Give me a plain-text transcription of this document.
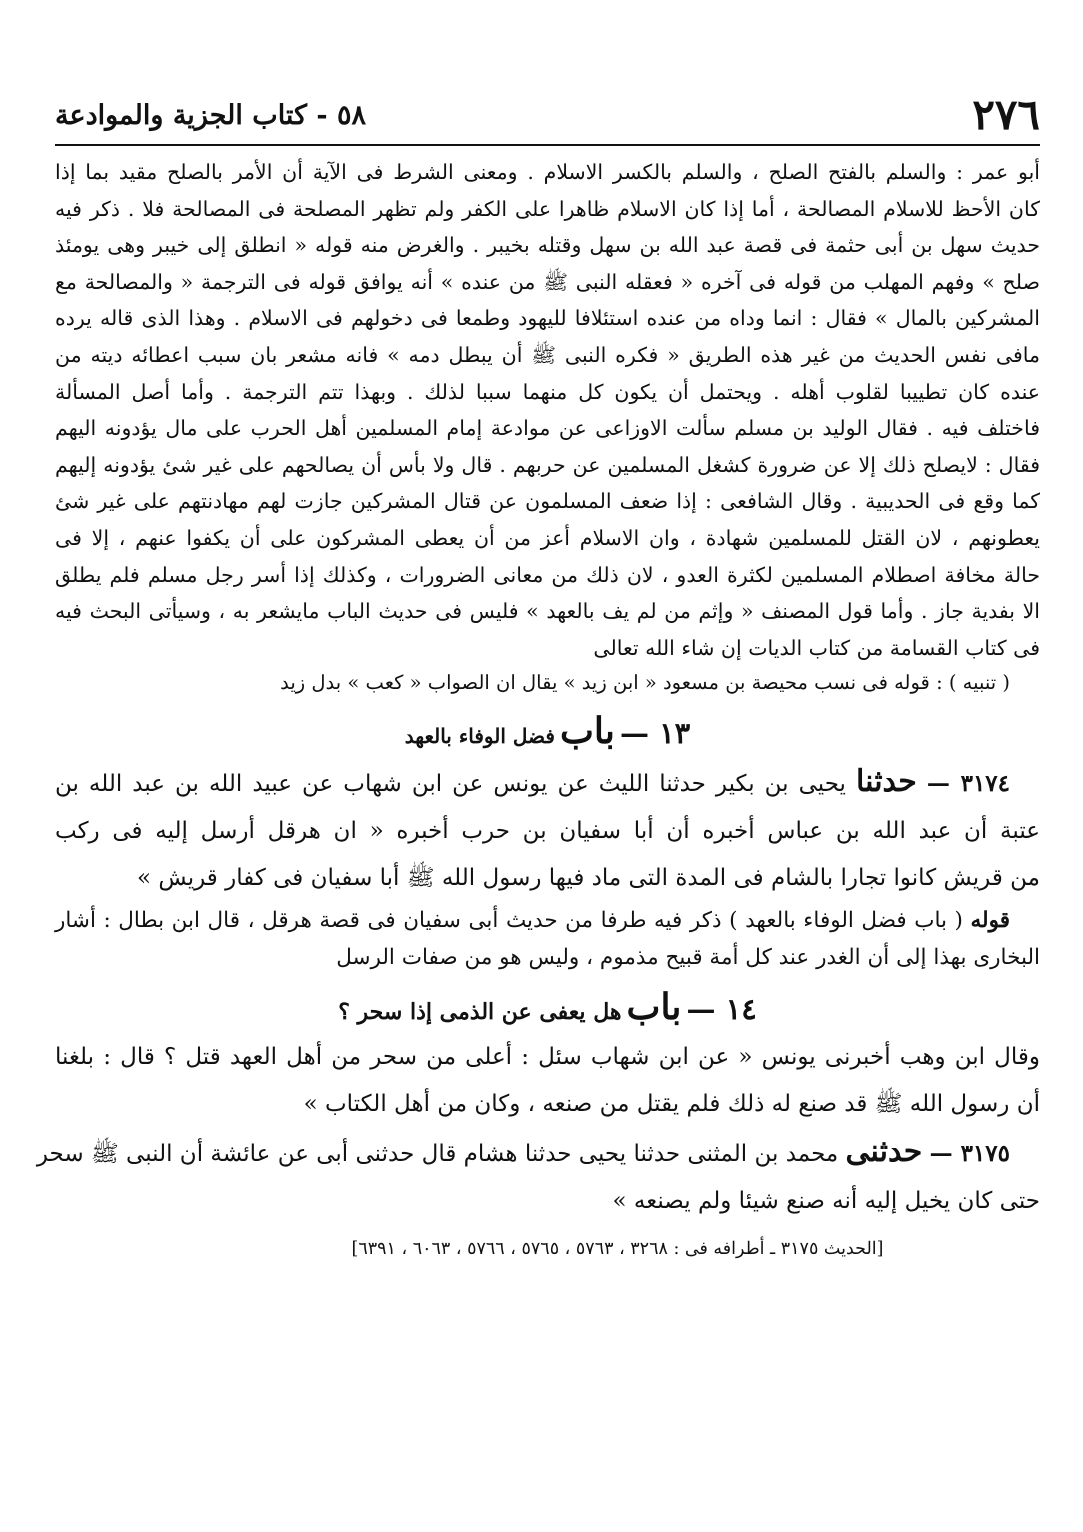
٢٧٦
٥٨ - كتاب الجزية والموادعة
أبو عمر : والسلم بالفتح الصلح ، والسلم بالكسر الاسلام . ومعنى الشرط فى الآية أن الأمر بالصلح مقيد بما إذا
كان الأحظ للاسلام المصالحة ، أما إذا كان الاسلام ظاهرا على الكفر ولم تظهر المصلحة فى المصالحة فلا . ذكر فيه
حديث سهل بن أبى حثمة فى قصة عبد الله بن سهل وقتله بخيبر . والغرض منه قوله « انطلق إلى خيبر وهى يومئذ
صلح » وفهم المهلب من قوله فى آخره « فعقله النبى ﷺ من عنده » أنه يوافق قوله فى الترجمة « والمصالحة مع
المشركين بالمال » فقال : انما وداه من عنده استئلافا لليهود وطمعا فى دخولهم فى الاسلام . وهذا الذى قاله يرده
مافى نفس الحديث من غير هذه الطريق « فكره النبى ﷺ أن يبطل دمه » فانه مشعر بان سبب اعطائه ديته من
عنده كان تطييبا لقلوب أهله . ويحتمل أن يكون كل منهما سببا لذلك . وبهذا تتم الترجمة . وأما أصل المسألة
فاختلف فيه . فقال الوليد بن مسلم سألت الاوزاعى عن موادعة إمام المسلمين أهل الحرب على مال يؤدونه اليهم
فقال : لايصلح ذلك إلا عن ضرورة كشغل المسلمين عن حربهم . قال ولا بأس أن يصالحهم على غير شئ يؤدونه إليهم
كما وقع فى الحديبية . وقال الشافعى : إذا ضعف المسلمون عن قتال المشركين جازت لهم مهادنتهم على غير شئ
يعطونهم ، لان القتل للمسلمين شهادة ، وان الاسلام أعز من أن يعطى المشركون على أن يكفوا عنهم ، إلا فى
حالة مخافة اصطلام المسلمين لكثرة العدو ، لان ذلك من معانى الضرورات ، وكذلك إذا أسر رجل مسلم فلم يطلق
الا بفدية جاز . وأما قول المصنف « وإثم من لم يف بالعهد » فليس فى حديث الباب مايشعر به ، وسيأتى البحث فيه
فى كتاب القسامة من كتاب الديات إن شاء الله تعالى
( تنبيه ) : قوله فى نسب محيصة بن مسعود « ابن زيد » يقال ان الصواب « كعب » بدل زيد
١٣ — باب فضل الوفاء بالعهد
٣١٧٤ — حدثنا يحيى بن بكير حدثنا الليث عن يونس عن ابن شهاب عن عبيد الله بن عبد الله بن
عتبة أن عبد الله بن عباس أخبره أن أبا سفيان بن حرب أخبره « ان هرقل أرسل إليه فى ركب
من قريش كانوا تجارا بالشام فى المدة التى ماد فيها رسول الله ﷺ أبا سفيان فى كفار قريش »
قوله ( باب فضل الوفاء بالعهد ) ذكر فيه طرفا من حديث أبى سفيان فى قصة هرقل ، قال ابن بطال : أشار
البخارى بهذا إلى أن الغدر عند كل أمة قبيح مذموم ، وليس هو من صفات الرسل
١٤ — باب هل يعفى عن الذمى إذا سحر ؟
وقال ابن وهب أخبرنى يونس « عن ابن شهاب سئل : أعلى من سحر من أهل العهد قتل ؟ قال : بلغنا
أن رسول الله ﷺ قد صنع له ذلك فلم يقتل من صنعه ، وكان من أهل الكتاب »
٣١٧٥ — حدثنى محمد بن المثنى حدثنا يحيى حدثنا هشام قال حدثنى أبى عن عائشة أن النبى ﷺ سحر
حتى كان يخيل إليه أنه صنع شيئا ولم يصنعه »
[الحديث ٣١٧٥ ـ أطرافه فى : ٣٢٦٨ ، ٥٧٦٣ ، ٥٧٦٥ ، ٥٧٦٦ ، ٦٠٦٣ ، ٦٣٩١]
